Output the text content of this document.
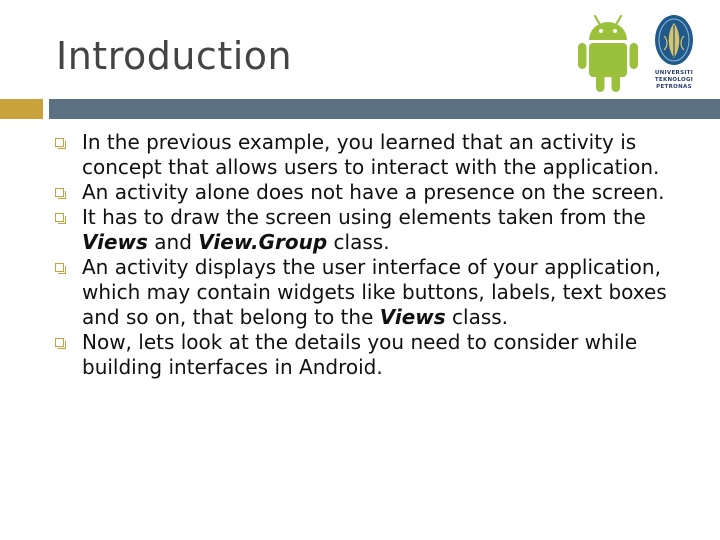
Introduction	UNIVERSITI
TEKNOLOGI
PETRONAS
In the previous example, you learned that an activity is concept that allows users to interact with the application.
An activity alone does not have a presence on the screen.
It has to draw the screen using elements taken from the Views and View.Group class.
An activity displays the user interface of your application, which may contain widgets like buttons, labels, text boxes and so on, that belong to the Views class.
Now, lets look at the details you need to consider while building interfaces in Android.
